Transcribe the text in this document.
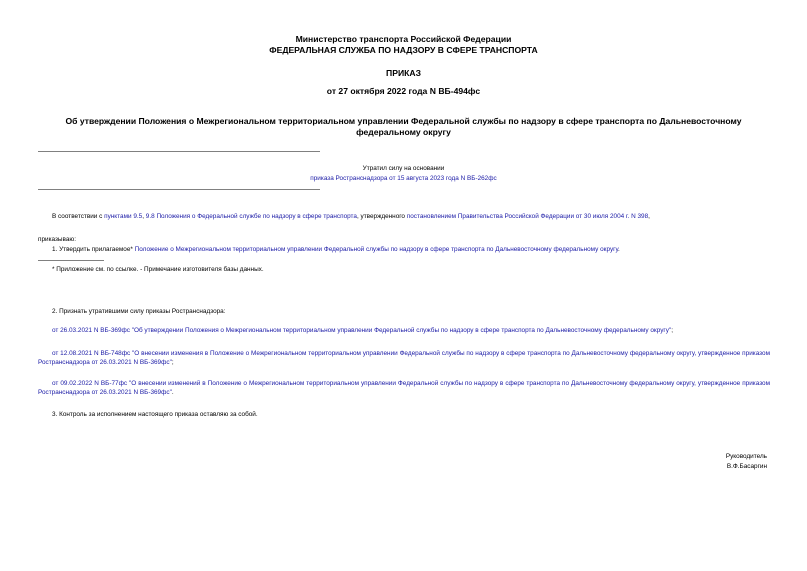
Министерство транспорта Российской Федерации
ФЕДЕРАЛЬНАЯ СЛУЖБА ПО НАДЗОРУ В СФЕРЕ ТРАНСПОРТА
ПРИКАЗ
от 27 октября 2022 года N ВБ-494фс
Об утверждении Положения о Межрегиональном территориальном управлении Федеральной службы по надзору в сфере транспорта по Дальневосточному федеральному округу
Утратил силу на основании
приказа Ространснадзора от 15 августа 2023 года N ВБ-262фс
В соответствии с пунктами 9.5, 9.8 Положения о Федеральной службе по надзору в сфере транспорта, утвержденного постановлением Правительства Российской Федерации от 30 июля 2004 г. N 398,
приказываю:
1. Утвердить прилагаемое* Положение о Межрегиональном территориальном управлении Федеральной службы по надзору в сфере транспорта по Дальневосточному федеральному округу.
* Приложение см. по ссылке. - Примечание изготовителя базы данных.
2. Признать утратившими силу приказы Ространснадзора:
от 26.03.2021 N ВБ-369фс "Об утверждении Положения о Межрегиональном территориальном управлении Федеральной службы по надзору в сфере транспорта по Дальневосточному федеральному округу";
от 12.08.2021 N ВБ-748фс "О внесении изменения в Положение о Межрегиональном территориальном управлении Федеральной службы по надзору в сфере транспорта по Дальневосточному федеральному округу, утвержденное приказом Ространснадзора от 26.03.2021 N ВБ-369фс";
от 09.02.2022 N ВБ-77фс "О внесении изменений в Положение о Межрегиональном территориальном управлении Федеральной службы по надзору в сфере транспорта по Дальневосточному федеральному округу, утвержденное приказом Ространснадзора от 26.03.2021 N ВБ-369фс".
3. Контроль за исполнением настоящего приказа оставляю за собой.
Руководитель
В.Ф.Басаргин
